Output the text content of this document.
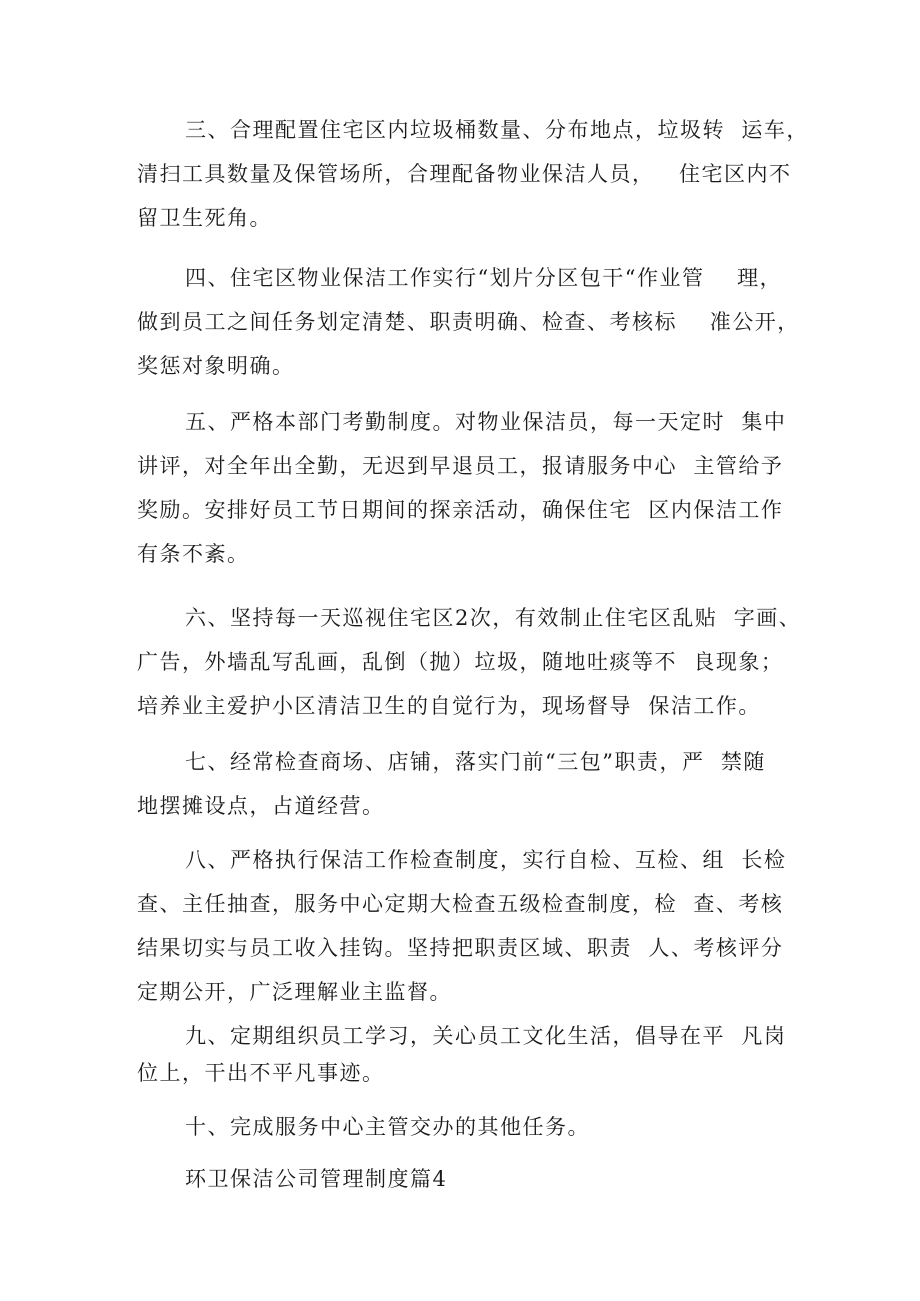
三、合理配置住宅区内垃圾桶数量、分布地点，垃圾转  运车，
清扫工具数量及保管场所，合理配备物业保洁人员，   住宅区内不
留卫生死角。
四、住宅区物业保洁工作实行“划片分区包干“作业管    理，
做到员工之间任务划定清楚、职责明确、检查、考核标    准公开，
奖惩对象明确。
五、严格本部门考勤制度。对物业保洁员，每一天定时  集中
讲评，对全年出全勤，无迟到早退员工，报请服务中心  主管给予
奖励。安排好员工节日期间的探亲活动，确保住宅  区内保洁工作
有条不紊。
六、坚持每一天巡视住宅区2次，有效制止住宅区乱贴  字画、
广告，外墙乱写乱画，乱倒（抛）垃圾，随地吐痰等不  良现象；
培养业主爱护小区清洁卫生的自觉行为，现场督导  保洁工作。
七、经常检查商场、店铺，落实门前“三包”职责，严  禁随
地摆摊设点，占道经营。
八、严格执行保洁工作检查制度，实行自检、互检、组  长检
查、主任抽查，服务中心定期大检查五级检查制度，检  查、考核
结果切实与员工收入挂钩。坚持把职责区域、职责  人、考核评分
定期公开，广泛理解业主监督。
九、定期组织员工学习，关心员工文化生活，倡导在平  凡岗
位上，干出不平凡事迹。
十、完成服务中心主管交办的其他任务。
环卫保洁公司管理制度篇4
